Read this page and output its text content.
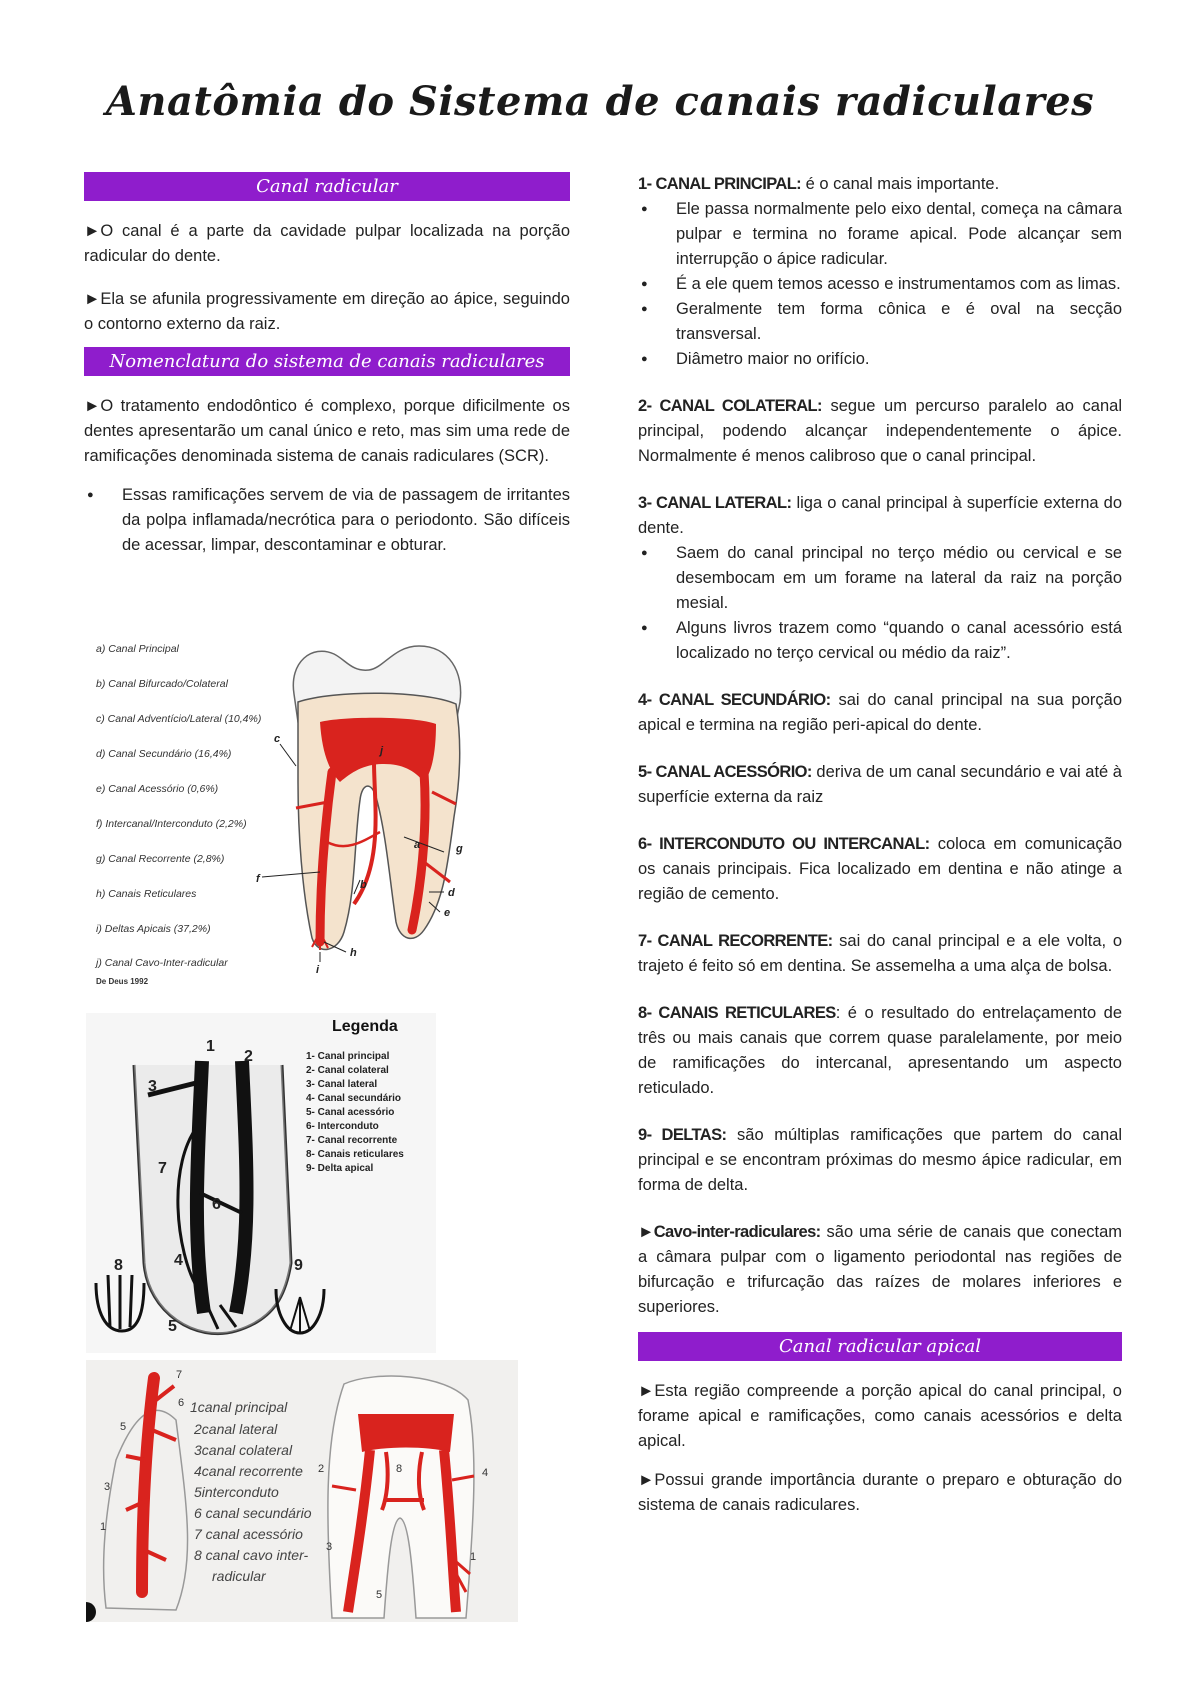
Anatômia do Sistema de canais radiculares
Canal radicular

►O canal é a parte da cavidade pulpar localizada na porção radicular do dente.

►Ela se afunila progressivamente em direção ao ápice, seguindo o contorno externo da raiz.

Nomenclatura do sistema de canais radiculares

►O tratamento endodôntico é complexo, porque dificilmente os dentes apresentarão um canal único e reto, mas sim uma rede de ramificações denominada sistema de canais radiculares (SCR).

● Essas ramificações servem de via de passagem de irritantes da polpa inflamada/necrótica para o periodonto. São difíceis de acessar, limpar, descontaminar e obturar.
a) Canal Principal
b) Canal Bifurcado/Colateral
c) Canal Adventício/Lateral (10,4%)
d) Canal Secundário (16,4%)
e) Canal Acessório (0,6%)
f) Intercanal/Interconduto (2,2%)
g) Canal Recorrente (2,8%)
h) Canais Reticulares
i) Deltas Apicais (37,2%)
j) Canal Cavo-Inter-radicular
De Deus 1992
g
b
c
d
e
f
h
i
j
a
1
2
3
4
5
6
7
8	9
Legenda
1- Canal principal
2- Canal colateral
3- Canal lateral
4- Canal secundário
5- Canal acessório
6- Interconduto
7- Canal recorrente
8- Canais reticulares
9- Delta apical
7
6
5
3
1
1canal principal
2canal lateral
3canal colateral
4canal recorrente
5interconduto
6 canal secundário
7 canal acessório
8 canal cavo inter-
radicular
2	8	4
1
3
5

1- CANAL PRINCIPAL: é o canal mais importante.

● Ele passa normalmente pelo eixo dental, começa na câmara pulpar e termina no forame apical. Pode alcançar sem interrupção o ápice radicular.
● É a ele quem temos acesso e instrumentamos com as limas.
● Geralmente tem forma cônica e é oval na secção transversal.
● Diâmetro maior no orifício.

2- CANAL COLATERAL: segue um percurso paralelo ao canal principal, podendo alcançar independentemente o ápice. Normalmente é menos calibroso que o canal principal.

3- CANAL LATERAL: liga o canal principal à superfície externa do dente.

● Saem do canal principal no terço médio ou cervical e se desembocam em um forame na lateral da raiz na porção mesial.
● Alguns livros trazem como “quando o canal acessório está localizado no terço cervical ou médio da raiz”.

4- CANAL SECUNDÁRIO: sai do canal principal na sua porção apical e termina na região peri-apical do dente.

5- CANAL ACESSÓRIO: deriva de um canal secundário e vai até à superfície externa da raiz

6- INTERCONDUTO OU INTERCANAL: coloca em comunicação os canais principais. Fica localizado em dentina e não atinge a região de cemento.

7- CANAL RECORRENTE: sai do canal principal e a ele volta, o trajeto é feito só em dentina. Se assemelha a uma alça de bolsa.

8- CANAIS RETICULARES: é o resultado do entrelaçamento de três ou mais canais que correm quase paralelamente, por meio de ramificações do intercanal, apresentando um aspecto reticulado.

9- DELTAS: são múltiplas ramificações que partem do canal principal e se encontram próximas do mesmo ápice radicular, em forma de delta.

►Cavo-inter-radiculares: são uma série de canais que conectam a câmara pulpar com o ligamento periodontal nas regiões de bifurcação e trifurcação das raízes de molares inferiores e superiores.

Canal radicular apical

►Esta região compreende a porção apical do canal principal, o forame apical e ramificações, como canais acessórios e delta apical.

►Possui grande importância durante o preparo e obturação do sistema de canais radiculares.
